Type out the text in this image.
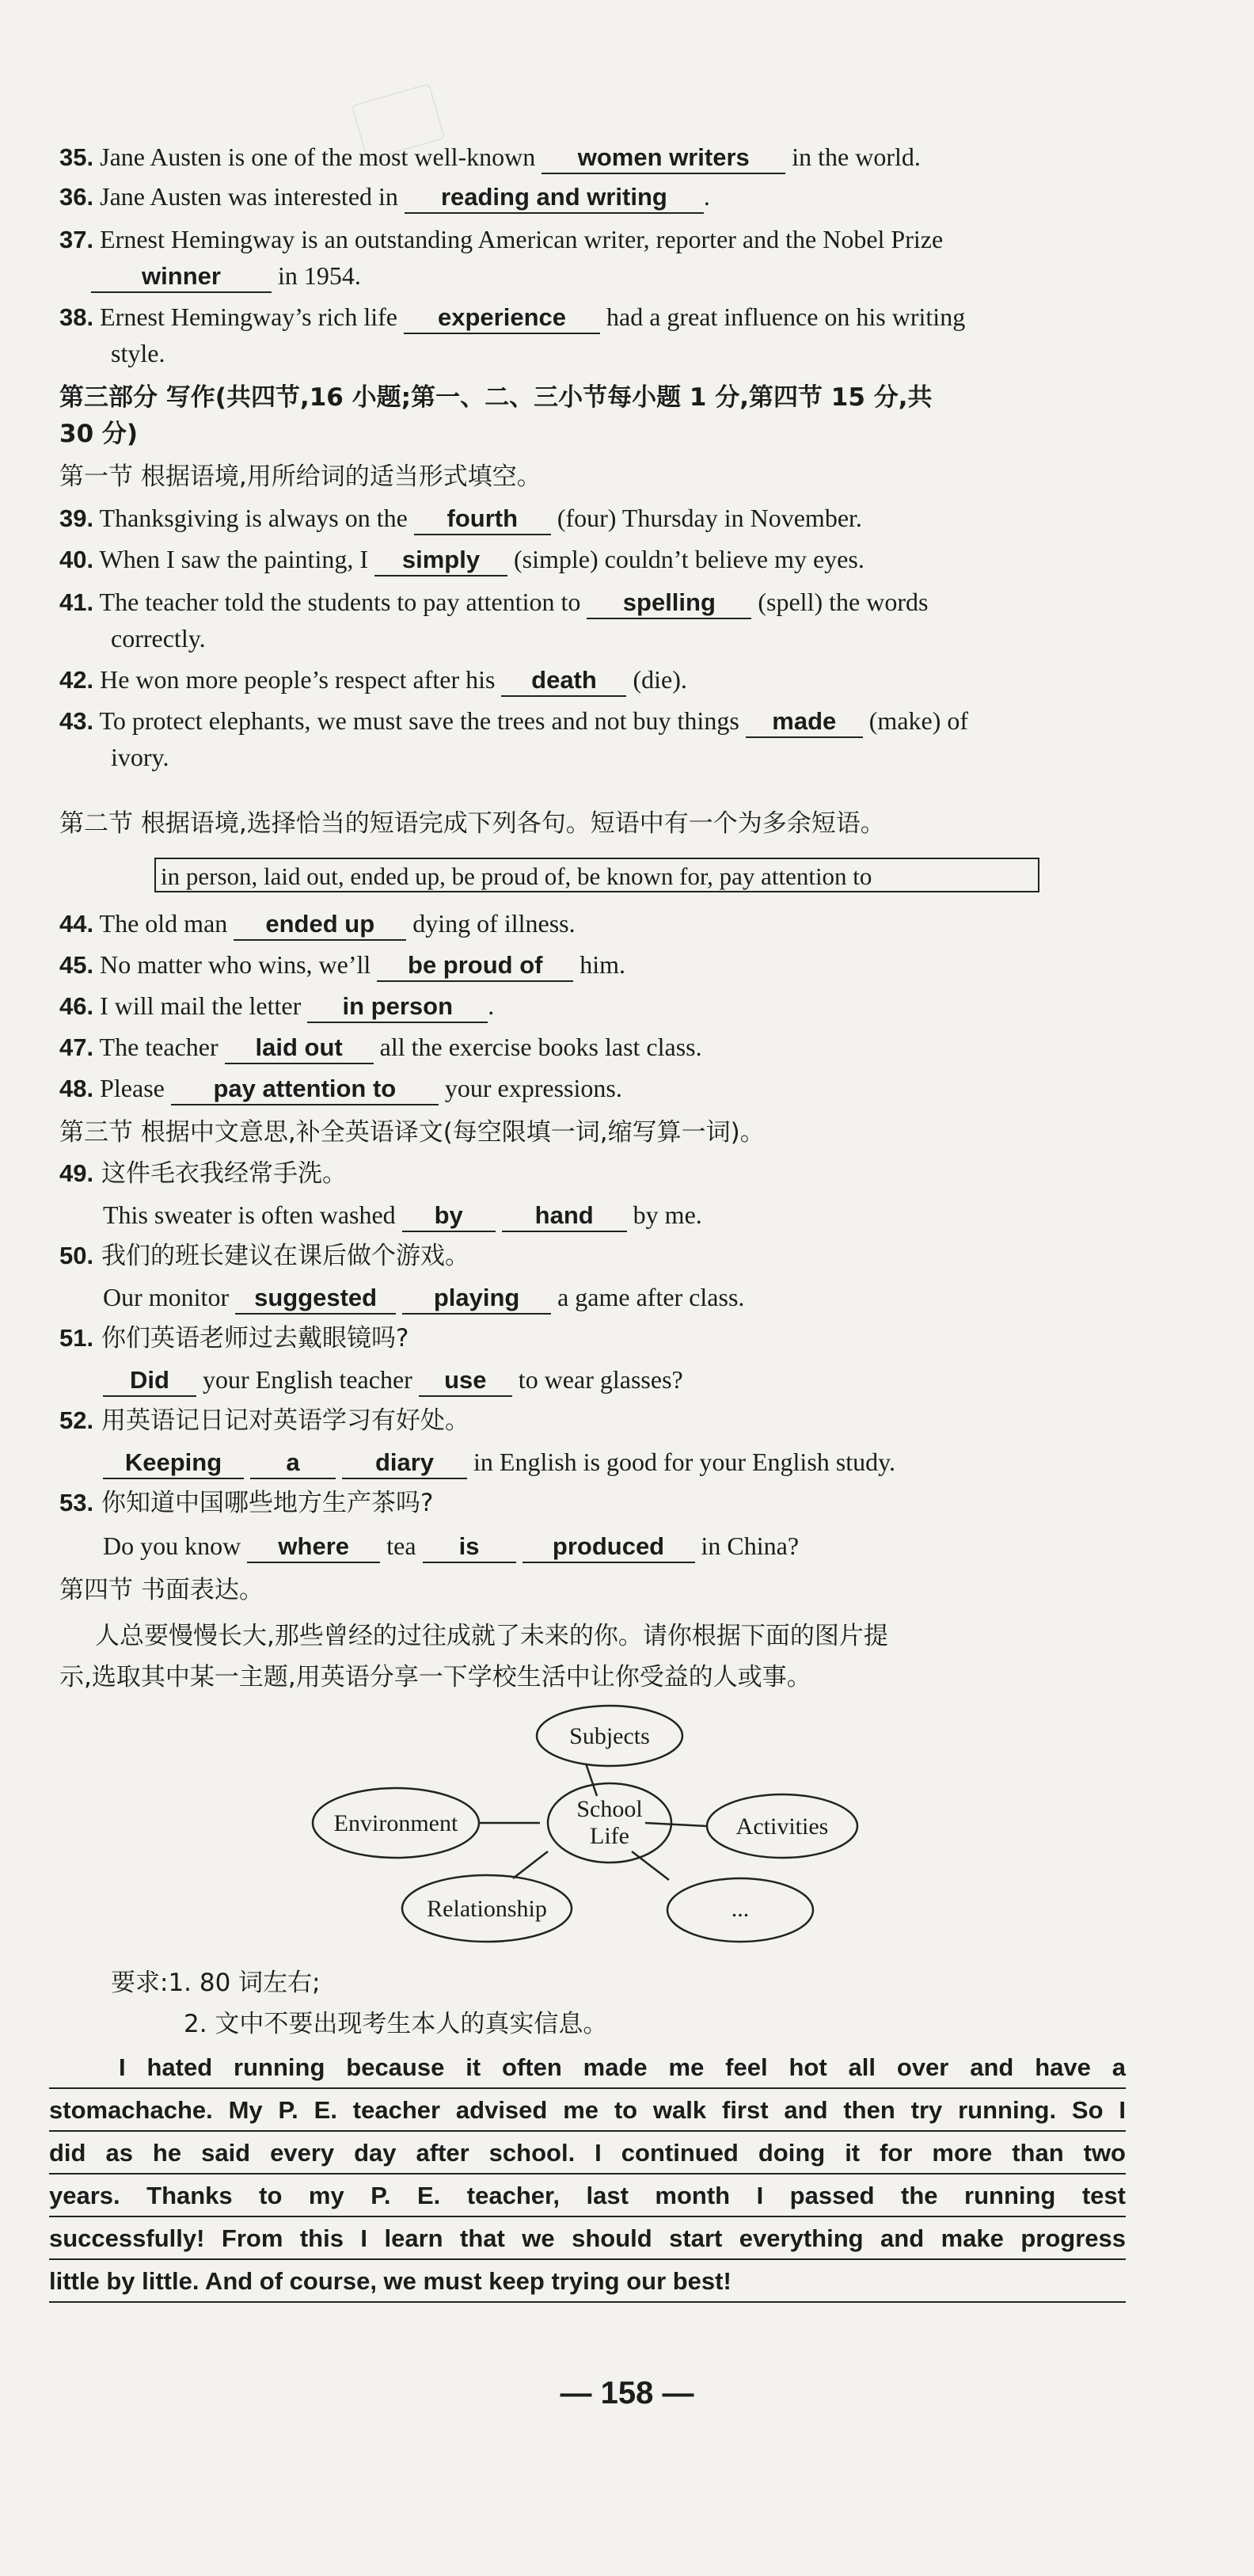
35. Jane Austen is one of the most well-known women writers in the world.
36. Jane Austen was interested in reading and writing .
37. Ernest Hemingway is an outstanding American writer, reporter and the Nobel Prize
winner in 1954.
38. Ernest Hemingway’s rich life experience had a great influence on his writing
style.
第三部分 写作(共四节,16 小题;第一、二、三小节每小题 1 分,第四节 15 分,共
30 分)
第一节 根据语境,用所给词的适当形式填空。
39. Thanksgiving is always on the fourth (four) Thursday in November.
40. When I saw the painting, I simply (simple) couldn’t believe my eyes.
41. The teacher told the students to pay attention to spelling (spell) the words
correctly.
42. He won more people’s respect after his death (die).
43. To protect elephants, we must save the trees and not buy things made (make) of
ivory.
第二节 根据语境,选择恰当的短语完成下列各句。短语中有一个为多余短语。
in person, laid out, ended up, be proud of, be known for, pay attention to
44. The old man ended up dying of illness.
45. No matter who wins, we’ll be proud of him.
46. I will mail the letter in person .
47. The teacher laid out all the exercise books last class.
48. Please pay attention to your expressions.
第三节 根据中文意思,补全英语译文(每空限填一词,缩写算一词)。
49. 这件毛衣我经常手洗。
This sweater is often washed by	hand by me.
50. 我们的班长建议在课后做个游戏。
Our monitor suggested playing a game after class.
51. 你们英语老师过去戴眼镜吗?
Did your English teacher use to wear glasses?
52. 用英语记日记对英语学习有好处。
Keeping	a	diary in English is good for your English study.
53. 你知道中国哪些地方生产茶吗?
Do you know where tea is	produced in China?
第四节 书面表达。
人总要慢慢长大,那些曾经的过往成就了未来的你。请你根据下面的图片提
示,选取其中某一主题,用英语分享一下学校生活中让你受益的人或事。
Subjects
Environment
School
Life	Activities
Relationship	...
要求:1. 80 词左右;
2. 文中不要出现考生本人的真实信息。
I hated running because it often made me feel hot all over and have a
stomachache. My P. E. teacher advised me to walk first and then try running. So I
did as he said every day after school. I continued doing it for more than two
years. Thanks to my P. E. teacher, last month I passed the running test
successfully! From this I learn that we should start everything and make progress
little by little. And of course, we must keep trying our best!
— 158 —
